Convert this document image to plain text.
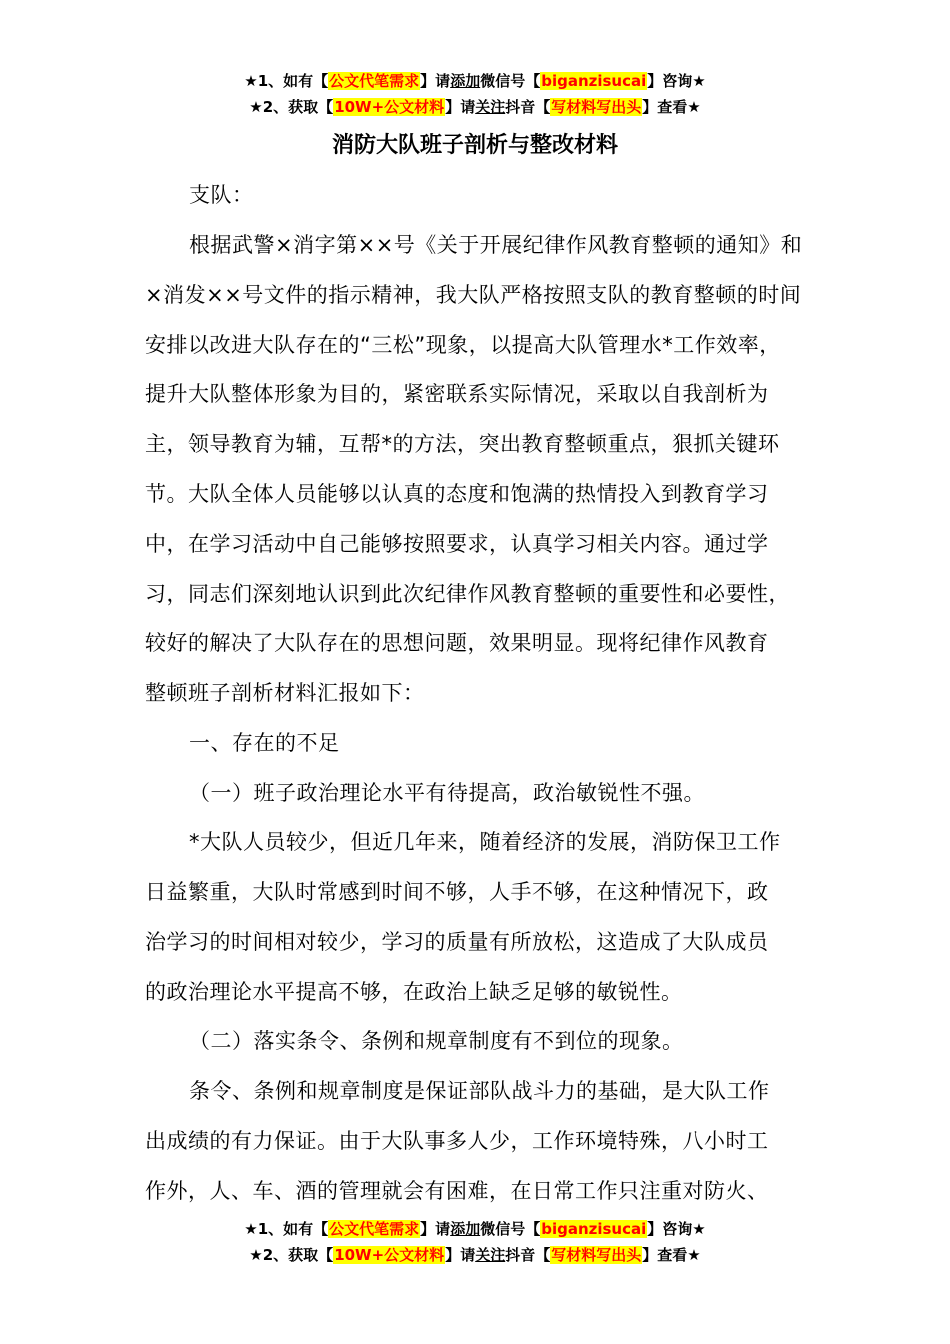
★1、如有【公文代笔需求】请添加微信号【biganzisucai】咨询★
★2、获取【10W+公文材料】请关注抖音【写材料写出头】查看★
消防大队班子剖析与整改材料
支队：
根据武警×消字第××号《关于开展纪律作风教育整顿的通知》和
×消发××号文件的指示精神，我大队严格按照支队的教育整顿的时间
安排以改进大队存在的“三松”现象，以提高大队管理水*工作效率，
提升大队整体形象为目的，紧密联系实际情况，采取以自我剖析为
主，领导教育为辅，互帮*的方法，突出教育整顿重点，狠抓关键环
节。大队全体人员能够以认真的态度和饱满的热情投入到教育学习
中，在学习活动中自己能够按照要求，认真学习相关内容。通过学
习，同志们深刻地认识到此次纪律作风教育整顿的重要性和必要性，
较好的解决了大队存在的思想问题，效果明显。现将纪律作风教育
整顿班子剖析材料汇报如下：
一、存在的不足
（一）班子政治理论水平有待提高，政治敏锐性不强。
*大队人员较少，但近几年来，随着经济的发展，消防保卫工作
日益繁重，大队时常感到时间不够，人手不够，在这种情况下，政
治学习的时间相对较少，学习的质量有所放松，这造成了大队成员
的政治理论水平提高不够，在政治上缺乏足够的敏锐性。
（二）落实条令、条例和规章制度有不到位的现象。
条令、条例和规章制度是保证部队战斗力的基础，是大队工作
出成绩的有力保证。由于大队事多人少，工作环境特殊，八小时工
作外，人、车、酒的管理就会有困难，在日常工作只注重对防火、
★1、如有【公文代笔需求】请添加微信号【biganzisucai】咨询★
★2、获取【10W+公文材料】请关注抖音【写材料写出头】查看★
